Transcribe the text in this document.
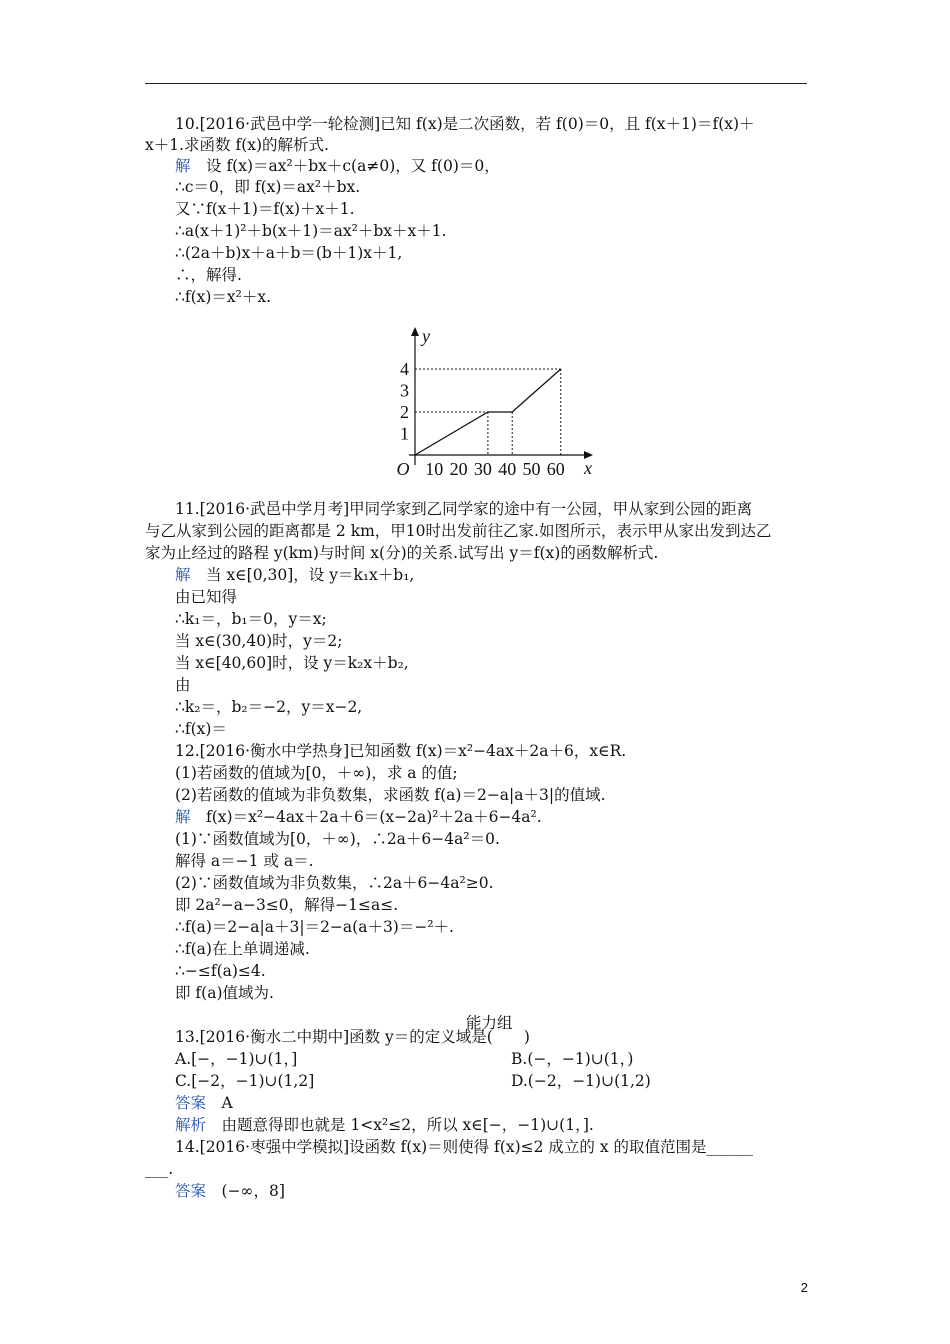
10.[2016·武邑中学一轮检测]已知 f(x)是二次函数，若 f(0)＝0，且 f(x＋1)＝f(x)＋
x＋1.求函数 f(x)的解析式.
解　设 f(x)＝ax²＋bx＋c(a≠0)，又 f(0)＝0，
∴c＝0，即 f(x)＝ax²＋bx.
又∵f(x＋1)＝f(x)＋x＋1.
∴a(x＋1)²＋b(x＋1)＝ax²＋bx＋x＋1.
∴(2a＋b)x＋a＋b＝(b＋1)x＋1,
∴，解得.
∴f(x)＝x²＋x.
11.[2016·武邑中学月考]甲同学家到乙同学家的途中有一公园，甲从家到公园的距离
与乙从家到公园的距离都是 2 km，甲10时出发前往乙家.如图所示，表示甲从家出发到达乙
家为止经过的路程 y(km)与时间 x(分)的关系.试写出 y＝f(x)的函数解析式.
解　当 x∈[0,30]，设 y＝k₁x＋b₁,
由已知得
∴k₁＝，b₁＝0，y＝x;
当 x∈(30,40)时，y＝2;
当 x∈[40,60]时，设 y＝k₂x＋b₂,
由
∴k₂＝，b₂＝−2，y＝x−2,
∴f(x)＝
12.[2016·衡水中学热身]已知函数 f(x)＝x²−4ax＋2a＋6，x∈R.
(1)若函数的值域为[0，＋∞)，求 a 的值;
(2)若函数的值域为非负数集，求函数 f(a)＝2−a|a＋3|的值域.
解　f(x)＝x²−4ax＋2a＋6＝(x−2a)²＋2a＋6−4a².
(1)∵函数值域为[0，＋∞)，∴2a＋6−4a²＝0.
解得 a＝−1 或 a＝.
(2)∵函数值域为非负数集，∴2a＋6−4a²≥0.
即 2a²−a−3≤0，解得−1≤a≤.
∴f(a)＝2−a|a＋3|＝2−a(a＋3)＝−²＋.
∴f(a)在上单调递减.
∴−≤f(a)≤4.
即 f(a)值域为.
13.[2016·衡水二中期中]函数 y＝的定义域是(　　)
A.[−，−1)∪(1，]	B.(−，−1)∪(1，)
C.[−2，−1)∪(1,2]	D.(−2，−1)∪(1,2)
答案　A
解析　由题意得即也就是 1<x²≤2，所以 x∈[−，−1)∪(1，].
14.[2016·枣强中学模拟]设函数 f(x)＝则使得 f(x)≤2 成立的 x 的取值范围是______
___.
答案　(−∞，8]
能力组
1
2
3
4
10 20 30 40 50 60
O
y
x
2
